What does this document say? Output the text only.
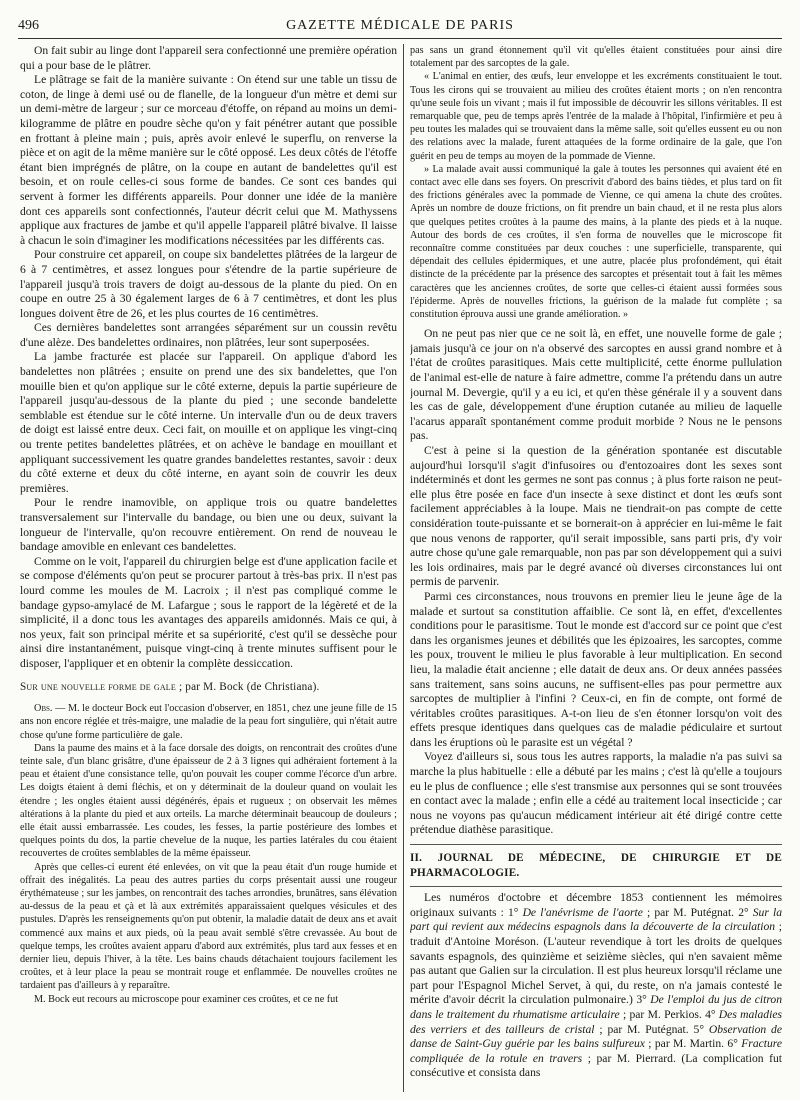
496	GAZETTE MÉDICALE DE PARIS

On fait subir au linge dont l'appareil sera confectionné une première opération qui a pour base de le plâtrer.

Le plâtrage se fait de la manière suivante : On étend sur une table un tissu de coton, de linge à demi usé ou de flanelle, de la longueur d'un mètre et demi sur un demi-mètre de largeur ; sur ce morceau d'étoffe, on répand au moins un demi-kilogramme de plâtre en poudre sèche qu'on y fait pénétrer autant que possible en frottant à pleine main ; puis, après avoir enlevé le superflu, on renverse la pièce et on agit de la même manière sur le côté opposé. Les deux côtés de l'étoffe étant bien imprégnés de plâtre, on la coupe en autant de bandelettes qu'il est besoin, et on roule celles-ci sous forme de bandes. Ce sont ces bandes qui servent à former les différents appareils. Pour donner une idée de la manière dont ces appareils sont confectionnés, l'auteur décrit celui que M. Mathyssens applique aux fractures de jambe et qu'il appelle l'appareil plâtré bivalve. Il laisse à chacun le soin d'imaginer les modifications nécessitées par les différents cas.

Pour construire cet appareil, on coupe six bandelettes plâtrées de la largeur de 6 à 7 centimètres, et assez longues pour s'étendre de la partie supérieure de l'appareil jusqu'à trois travers de doigt au-dessous de la plante du pied. On en coupe en outre 25 à 30 également larges de 6 à 7 centimètres, et dont les plus longues doivent être de 26, et les plus courtes de 16 centimètres.

Ces dernières bandelettes sont arrangées séparément sur un coussin revêtu d'une alèze. Des bandelettes ordinaires, non plâtrées, leur sont superposées.

La jambe fracturée est placée sur l'appareil. On applique d'abord les bandelettes non plâtrées ; ensuite on prend une des six bandelettes, que l'on mouille bien et qu'on applique sur le côté externe, depuis la partie supérieure de l'appareil jusqu'au-dessous de la plante du pied ; une seconde bandelette semblable est étendue sur le côté interne. Un intervalle d'un ou de deux travers de doigt est laissé entre deux. Ceci fait, on mouille et on applique les vingt-cinq ou trente petites bandelettes plâtrées, et on achève le bandage en mouillant et appliquant successivement les quatre grandes bandelettes restantes, savoir : deux du côté externe et deux du côté interne, en ayant soin de couvrir les deux premières.

Pour le rendre inamovible, on applique trois ou quatre bandelettes transversalement sur l'intervalle du bandage, ou bien une ou deux, suivant la longueur de l'intervalle, qu'on recouvre entièrement. On rend de nouveau le bandage amovible en enlevant ces bandelettes.

Comme on le voit, l'appareil du chirurgien belge est d'une application facile et se compose d'éléments qu'on peut se procurer partout à très-bas prix. Il n'est pas lourd comme les moules de M. Lacroix ; il n'est pas compliqué comme le bandage gypso-amylacé de M. Lafargue ; sous le rapport de la légèreté et de la simplicité, il a donc tous les avantages des appareils amidonnés. Mais ce qui, à nos yeux, fait son principal mérite et sa supériorité, c'est qu'il se dessèche pour ainsi dire instantanément, puisque vingt-cinq à trente minutes suffisent pour le disposer, l'appliquer et en obtenir la complète dessiccation.

Sur une nouvelle forme de gale ; par M. Bock (de Christiana).

Obs. — M. le docteur Bock eut l'occasion d'observer, en 1851, chez une jeune fille de 15 ans non encore réglée et très-maigre, une maladie de la peau fort singulière, qui n'était autre chose qu'une forme particulière de gale.

Dans la paume des mains et à la face dorsale des doigts, on rencontrait des croûtes d'une teinte sale, d'un blanc grisâtre, d'une épaisseur de 2 à 3 lignes qui adhéraient fortement à la peau et étaient d'une consistance telle, qu'on pouvait les couper comme l'écorce d'un arbre. Les doigts étaient à demi fléchis, et on y déterminait de la douleur quand on voulait les étendre ; les ongles étaient aussi dégénérés, épais et rugueux ; on observait les mêmes altérations à la plante du pied et aux orteils. La marche déterminait beaucoup de douleurs ; elle était aussi embarrassée. Les coudes, les fesses, la partie postérieure des lombes et quelques points du dos, la partie chevelue de la nuque, les parties latérales du cou étaient recouvertes de croûtes semblables de la même épaisseur.

Après que celles-ci eurent été enlevées, on vit que la peau était d'un rouge humide et offrait des inégalités. La peau des autres parties du corps présentait aussi une rougeur érythémateuse ; sur les jambes, on rencontrait des taches arrondies, brunâtres, sans élévation au-dessus de la peau et çà et là aux extrémités apparaissaient quelques vésicules et des pustules. D'après les renseignements qu'on put obtenir, la maladie datait de deux ans et avait commencé aux mains et aux pieds, où la peau avait semblé s'être crevassée. Au bout de quelque temps, les croûtes avaient apparu d'abord aux extrémités, plus tard aux fesses et en dernier lieu, depuis l'hiver, à la tête. Les bains chauds détachaient toujours facilement les croûtes, et à leur place la peau se montrait rouge et enflammée. De nouvelles croûtes ne tardaient pas d'ailleurs à y reparaître.

M. Bock eut recours au microscope pour examiner ces croûtes, et ce ne fut

pas sans un grand étonnement qu'il vit qu'elles étaient constituées pour ainsi dire totalement par des sarcoptes de la gale.

« L'animal en entier, des œufs, leur enveloppe et les excréments constituaient le tout. Tous les cirons qui se trouvaient au milieu des croûtes étaient morts ; on n'en rencontra qu'une seule fois un vivant ; mais il fut impossible de découvrir les sillons véritables. Il est remarquable que, peu de temps après l'entrée de la malade à l'hôpital, l'infirmière et peu à peu toutes les malades qui se trouvaient dans la même salle, soit qu'elles eussent eu ou non des relations avec la malade, furent attaquées de la forme ordinaire de la gale, que l'on guérit en peu de temps au moyen de la pommade de Vienne.

» La malade avait aussi communiqué la gale à toutes les personnes qui avaient été en contact avec elle dans ses foyers. On prescrivit d'abord des bains tièdes, et plus tard on fit des frictions générales avec la pommade de Vienne, ce qui amena la chute des croûtes. Après un nombre de douze frictions, on fit prendre un bain chaud, et il ne resta plus alors que quelques petites croûtes à la paume des mains, à la plante des pieds et à la nuque. Autour des bords de ces croûtes, il s'en forma de nouvelles que le microscope fit reconnaître comme constituées par deux couches : une superficielle, transparente, qui dépendait des cellules épidermiques, et une autre, placée plus profondément, qui était distincte de la précédente par la présence des sarcoptes et présentait tout à fait les mêmes caractères que les anciennes croûtes, de sorte que celles-ci étaient aussi formées sous l'épiderme. Après de nouvelles frictions, la guérison de la malade fut complète ; sa constitution éprouva aussi une grande amélioration. »

On ne peut pas nier que ce ne soit là, en effet, une nouvelle forme de gale ; jamais jusqu'à ce jour on n'a observé des sarcoptes en aussi grand nombre et à l'état de croûtes parasitiques. Mais cette multiplicité, cette énorme pullulation de l'animal est-elle de nature à faire admettre, comme l'a prétendu dans un autre journal M. Devergie, qu'il y a eu ici, et qu'en thèse générale il y a souvent dans les cas de gale, développement d'une éruption cutanée au milieu de laquelle l'acarus apparaît spontanément comme produit morbide ? Nous ne le pensons pas.

C'est à peine si la question de la génération spontanée est discutable aujourd'hui lorsqu'il s'agit d'infusoires ou d'entozoaires dont les sexes sont indéterminés et dont les germes ne sont pas connus ; à plus forte raison ne peut-elle plus être posée en face d'un insecte à sexe distinct et dont les œufs sont facilement appréciables à la loupe. Mais ne tiendrait-on pas compte de cette considération toute-puissante et se bornerait-on à apprécier en lui-même le fait que nous venons de rapporter, qu'il serait impossible, sans parti pris, d'y voir autre chose qu'une gale remarquable, non pas par son développement qui a suivi les lois ordinaires, mais par le degré avancé où diverses circonstances lui ont permis de parvenir.

Parmi ces circonstances, nous trouvons en premier lieu le jeune âge de la malade et surtout sa constitution affaiblie. Ce sont là, en effet, d'excellentes conditions pour le parasitisme. Tout le monde est d'accord sur ce point que c'est dans les organismes jeunes et débilités que les épizoaires, les sarcoptes, comme les poux, trouvent le milieu le plus favorable à leur multiplication. En second lieu, la maladie était ancienne ; elle datait de deux ans. Or deux années passées sans traitement, sans soins aucuns, ne suffisent-elles pas pour permettre aux sarcoptes de multiplier à l'infini ? Ceux-ci, en fin de compte, ont formé de véritables croûtes parasitiques. A-t-on lieu de s'en étonner lorsqu'on voit des effets presque identiques dans quelques cas de maladie pédiculaire et surtout dans les éruptions où le parasite est un végétal ?

Voyez d'ailleurs si, sous tous les autres rapports, la maladie n'a pas suivi sa marche la plus habituelle : elle a débuté par les mains ; c'est là qu'elle a toujours eu le plus de confluence ; elle s'est transmise aux personnes qui se sont trouvées en contact avec la malade ; enfin elle a cédé au traitement local insecticide ; car nous ne voyons pas qu'aucun médicament intérieur ait été dirigé contre cette prétendue diathèse parasitique.

II. JOURNAL DE MÉDECINE, DE CHIRURGIE ET DE PHARMACOLOGIE.

Les numéros d'octobre et décembre 1853 contiennent les mémoires originaux suivants : 1° De l'anévrisme de l'aorte ; par M. Putégnat. 2° Sur la part qui revient aux médecins espagnols dans la découverte de la circulation ; traduit d'Antoine Moréson. (L'auteur revendique à tort les droits de quelques savants espagnols, des quinzième et seizième siècles, qui n'en savaient même pas autant que Galien sur la circulation. Il est plus heureux lorsqu'il réclame une part pour l'Espagnol Michel Servet, à qui, du reste, on n'a jamais contesté le mérite d'avoir décrit la circulation pulmonaire.) 3° De l'emploi du jus de citron dans le traitement du rhumatisme articulaire ; par M. Perkios. 4° Des maladies des verriers et des tailleurs de cristal ; par M. Putégnat. 5° Observation de danse de Saint-Guy guérie par les bains sulfureux ; par M. Martin. 6° Fracture compliquée de la rotule en travers ; par M. Pierrard. (La complication fut consécutive et consista dans
